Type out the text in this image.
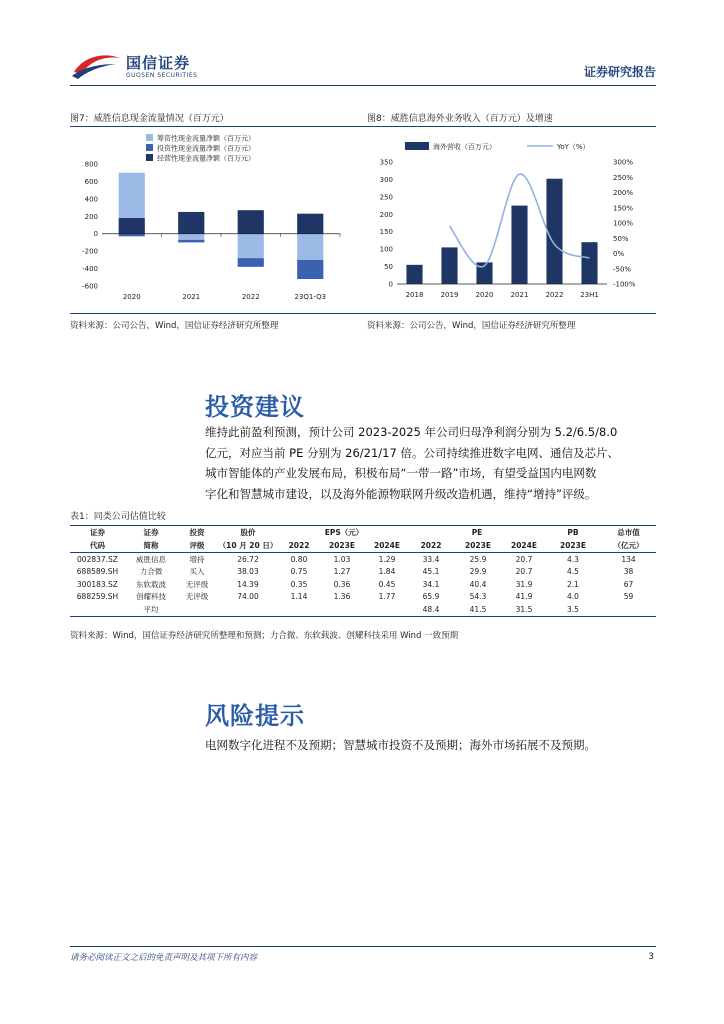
国信证券
GUOSEN SECURITIES	证券研究报告
图7：威胜信息现金流量情况（百万元）	图8：威胜信息海外业务收入（百万元）及增速
筹资性现金流量净额（百万元）
投资性现金流量净额（百万元）
经营性现金流量净额（百万元）
800
600
400
200
0
-200
-400
-600
2020	2021	2022	23Q1-Q3
海外营收（百万元）	YoY（%）
350
300
250
200
150
100
50
0
300%
250%
200%
150%
100%
50%
0%
-50%
-100%
2018 2019 2020 2021 2022 23H1
资料来源：公司公告，Wind，国信证券经济研究所整理	资料来源：公司公告，Wind，国信证券经济研究所整理
投资建议
维持此前盈利预测，预计公司 2023-2025 年公司归母净利润分别为 5.2/6.5/8.0
亿元，对应当前 PE 分别为 26/21/17 倍。公司持续推进数字电网、通信及芯片、
城市智能体的产业发展布局，积极布局“一带一路”市场，有望受益国内电网数
字化和智慧城市建设，以及海外能源物联网升级改造机遇，维持“增持”评级。
表1：同类公司估值比较
证券	证券	投资	股价	EPS（元）			PE			PB	总市值
代码	简称	评级	（10 月 20 日）	2022	2023E	2024E	2022	2023E	2024E	2023E	（亿元）
002837.SZ	威胜信息	增持	26.72	0.80	1.03	1.29	33.4	25.9	20.7	4.3	134
688589.SH	力合微	买入	38.03	0.75	1.27	1.84	45.1	29.9	20.7	4.5	38
300183.SZ	东软载波	无评级	14.39	0.35	0.36	0.45	34.1	40.4	31.9	2.1	67
688259.SH	创耀科技	无评级	74.00	1.14	1.36	1.77	65.9	54.3	41.9	4.0	59
	平均						48.4	41.5	31.5	3.5	
资料来源：Wind，国信证券经济研究所整理和预测；力合微、东软载波、创耀科技采用 Wind 一致预期
风险提示
电网数字化进程不及预期；智慧城市投资不及预期；海外市场拓展不及预期。
请务必阅读正文之后的免责声明及其项下所有内容	3
